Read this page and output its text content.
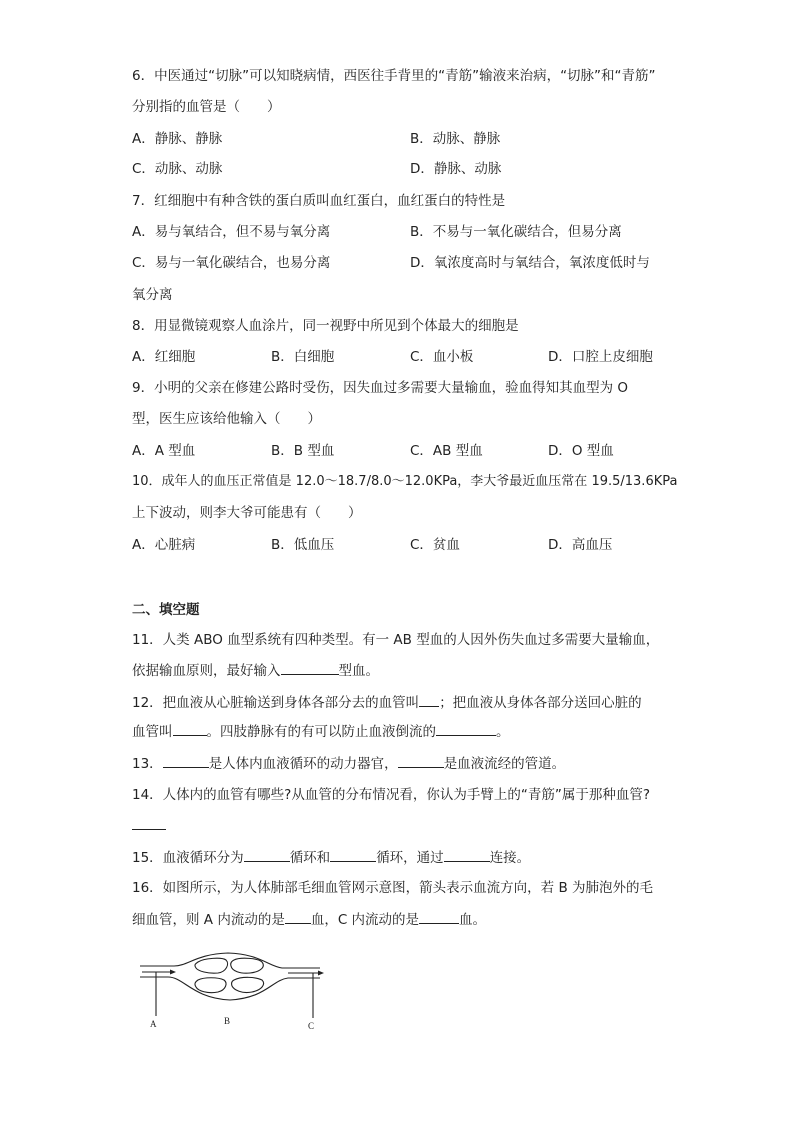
6．中医通过“切脉”可以知晓病情，西医往手背里的“青筋”输液来治病，“切脉”和“青筋”
分别指的血管是（　　）
A．静脉、静脉	B．动脉、静脉
C．动脉、动脉	D．静脉、动脉
7．红细胞中有种含铁的蛋白质叫血红蛋白，血红蛋白的特性是
A．易与氧结合，但不易与氧分离	B．不易与一氧化碳结合，但易分离
C．易与一氧化碳结合，也易分离	D．氧浓度高时与氧结合，氧浓度低时与
氧分离
8．用显微镜观察人血涂片，同一视野中所见到个体最大的细胞是
A．红细胞	B．白细胞	C．血小板	D．口腔上皮细胞
9．小明的父亲在修建公路时受伤，因失血过多需要大量输血，验血得知其血型为 O
型，医生应该给他输入（　　）
A．A 型血	B．B 型血	C．AB 型血	D．O 型血
10．成年人的血压正常值是 12.0～18.7/8.0～12.0KPa，李大爷最近血压常在 19.5/13.6KPa
上下波动，则李大爷可能患有（　　）
A．心脏病	B．低血压	C．贫血	D．高血压
二、填空题
11．人类 ABO 血型系统有四种类型。有一 AB 型血的人因外伤失血过多需要大量输血，
依据输血原则，最好输入	型血。
12．把血液从心脏输送到身体各部分去的血管叫 ；把血液从身体各部分送回心脏的
血管叫	。四肢静脉有的有可以防止血液倒流的	。
13．	是人体内血液循环的动力器官，	是血液流经的管道。
14．人体内的血管有哪些?从血管的分布情况看，你认为手臂上的“青筋”属于那种血管?
15．血液循环分为	循环和	循环，通过	连接。
16．如图所示，为人体肺部毛细血管网示意图，箭头表示血流方向，若 B 为肺泡外的毛
细血管，则 A 内流动的是 血，C 内流动的是	血。
A	B	C
